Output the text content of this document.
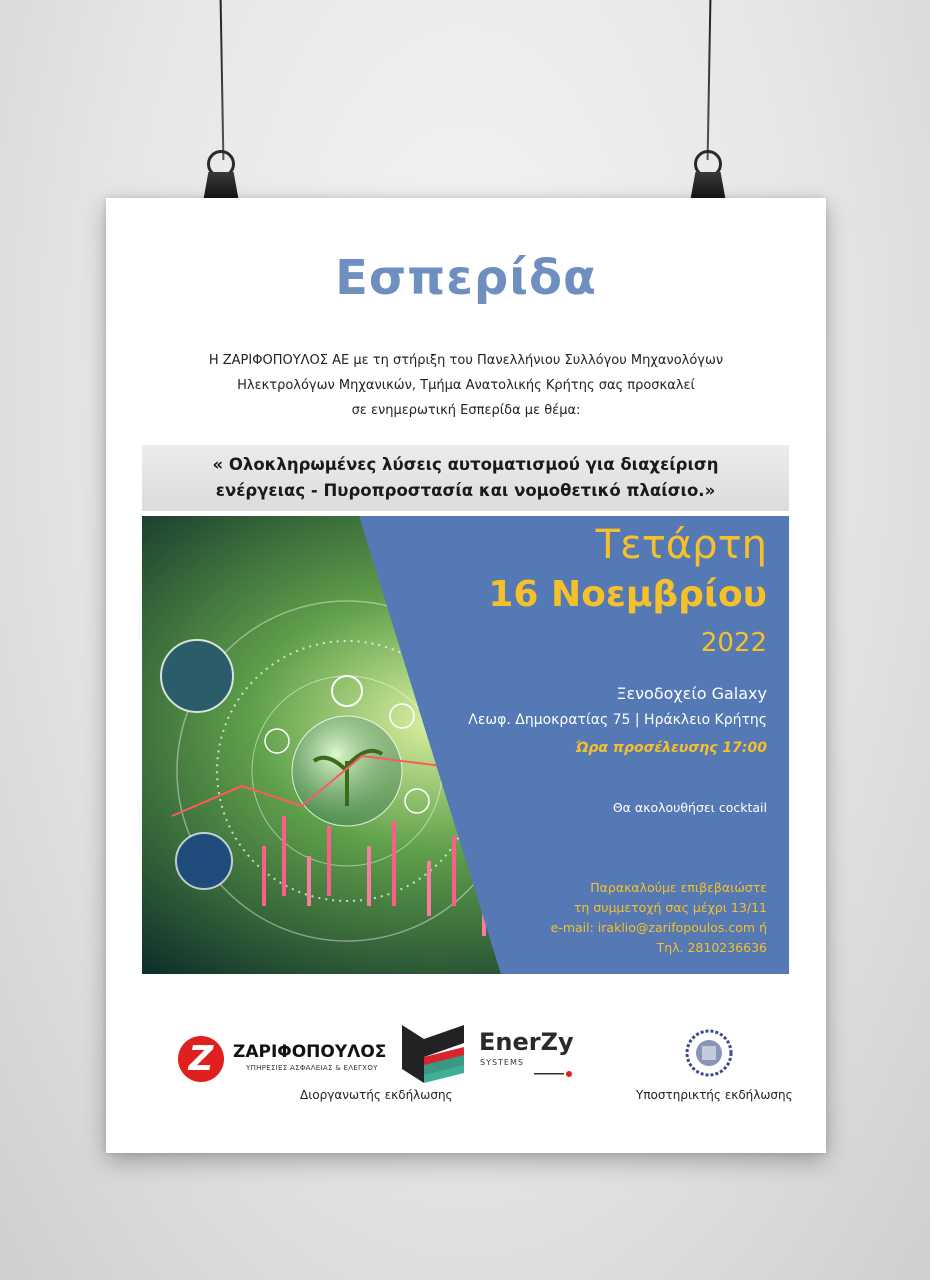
Εσπερίδα
Η ΖΑΡΙΦΟΠΟΥΛΟΣ ΑΕ με τη στήριξη του Πανελλήνιου Συλλόγου Μηχανολόγων
Ηλεκτρολόγων Μηχανικών, Τμήμα Ανατολικής Κρήτης σας προσκαλεί
σε ενημερωτική Εσπερίδα με θέμα:
« Ολοκληρωμένες λύσεις αυτοματισμού για διαχείριση
ενέργειας - Πυροπροστασία και νομοθετικό πλαίσιο.»
Τετάρτη
16 Νοεμβρίου
2022
Ξενοδοχείο Galaxy
Λεωφ. Δημοκρατίας 75 | Ηράκλειο Κρήτης
Ώρα προσέλευσης 17:00
Θα ακολουθήσει cocktail
Παρακαλούμε επιβεβαιώστε
τη συμμετοχή σας μέχρι 13/11
e-mail: iraklio@zarifopoulos.com ή
Τηλ. 2810236636
Z	ΖΑΡΙΦΟΠΟΥΛΟΣ
ΥΠΗΡΕΣΙΕΣ ΑΣΦΑΛΕΙΑΣ & ΕΛΕΓΧΟΥ
EnerZy
SYSTEMS
Διοργανωτής εκδήλωσης	Υποστηρικτής εκδήλωσης
